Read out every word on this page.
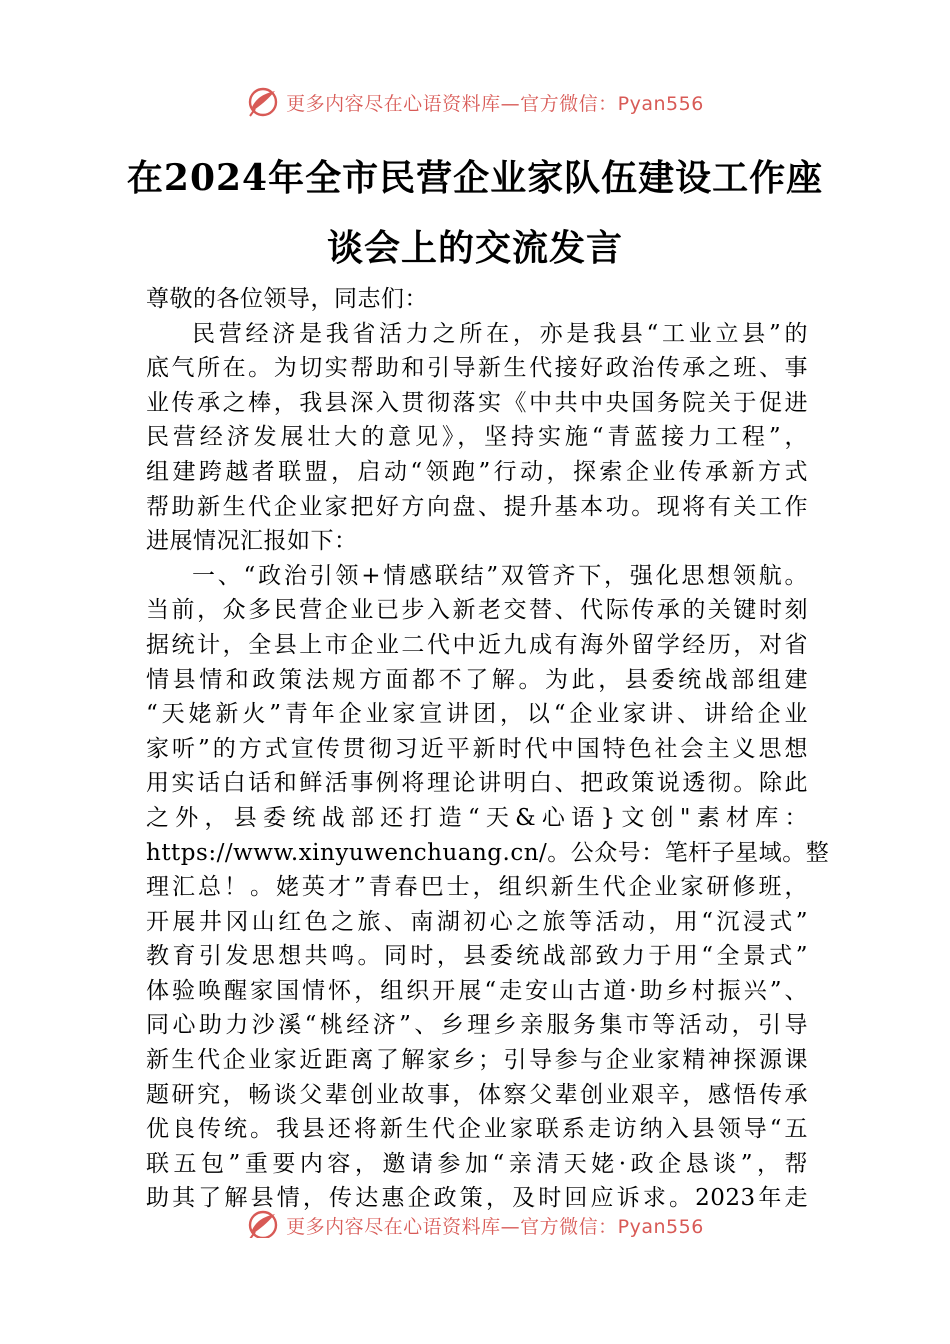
更多内容尽在心语资料库—官方微信：Pyan556
在2024年全市民营企业家队伍建设工作座
谈会上的交流发言
尊敬的各位领导，同志们：
民营经济是我省活力之所在，亦是我县“工业立县”的
底气所在。为切实帮助和引导新生代接好政治传承之班、事
业传承之棒，我县深入贯彻落实《中共中央国务院关于促进
民营经济发展壮大的意见》，坚持实施“青蓝接力工程”，
组建跨越者联盟，启动“领跑”行动，探索企业传承新方式
帮助新生代企业家把好方向盘、提升基本功。现将有关工作
进展情况汇报如下：
一、“政治引领+情感联结”双管齐下，强化思想领航。
当前，众多民营企业已步入新老交替、代际传承的关键时刻
据统计，全县上市企业二代中近九成有海外留学经历，对省
情县情和政策法规方面都不了解。为此，县委统战部组建
“天姥新火”青年企业家宣讲团，以“企业家讲、讲给企业
家听”的方式宣传贯彻习近平新时代中国特色社会主义思想
用实话白话和鲜活事例将理论讲明白、把政策说透彻。除此
之外，县委统战部还打造“天&心语}文创"素材库：
https://www.xinyuwenchuang.cn/。公众号：笔杆子星域。整
理汇总！。姥英才”青春巴士，组织新生代企业家研修班，
开展井冈山红色之旅、南湖初心之旅等活动，用“沉浸式”
教育引发思想共鸣。同时，县委统战部致力于用“全景式”
体验唤醒家国情怀，组织开展“走安山古道·助乡村振兴”、
同心助力沙溪“桃经济”、乡理乡亲服务集市等活动，引导
新生代企业家近距离了解家乡；引导参与企业家精神探源课
题研究，畅谈父辈创业故事，体察父辈创业艰辛，感悟传承
优良传统。我县还将新生代企业家联系走访纳入县领导“五
联五包”重要内容，邀请参加“亲清天姥·政企恳谈”，帮
助其了解县情，传达惠企政策，及时回应诉求。2023年走
更多内容尽在心语资料库—官方微信：Pyan556
